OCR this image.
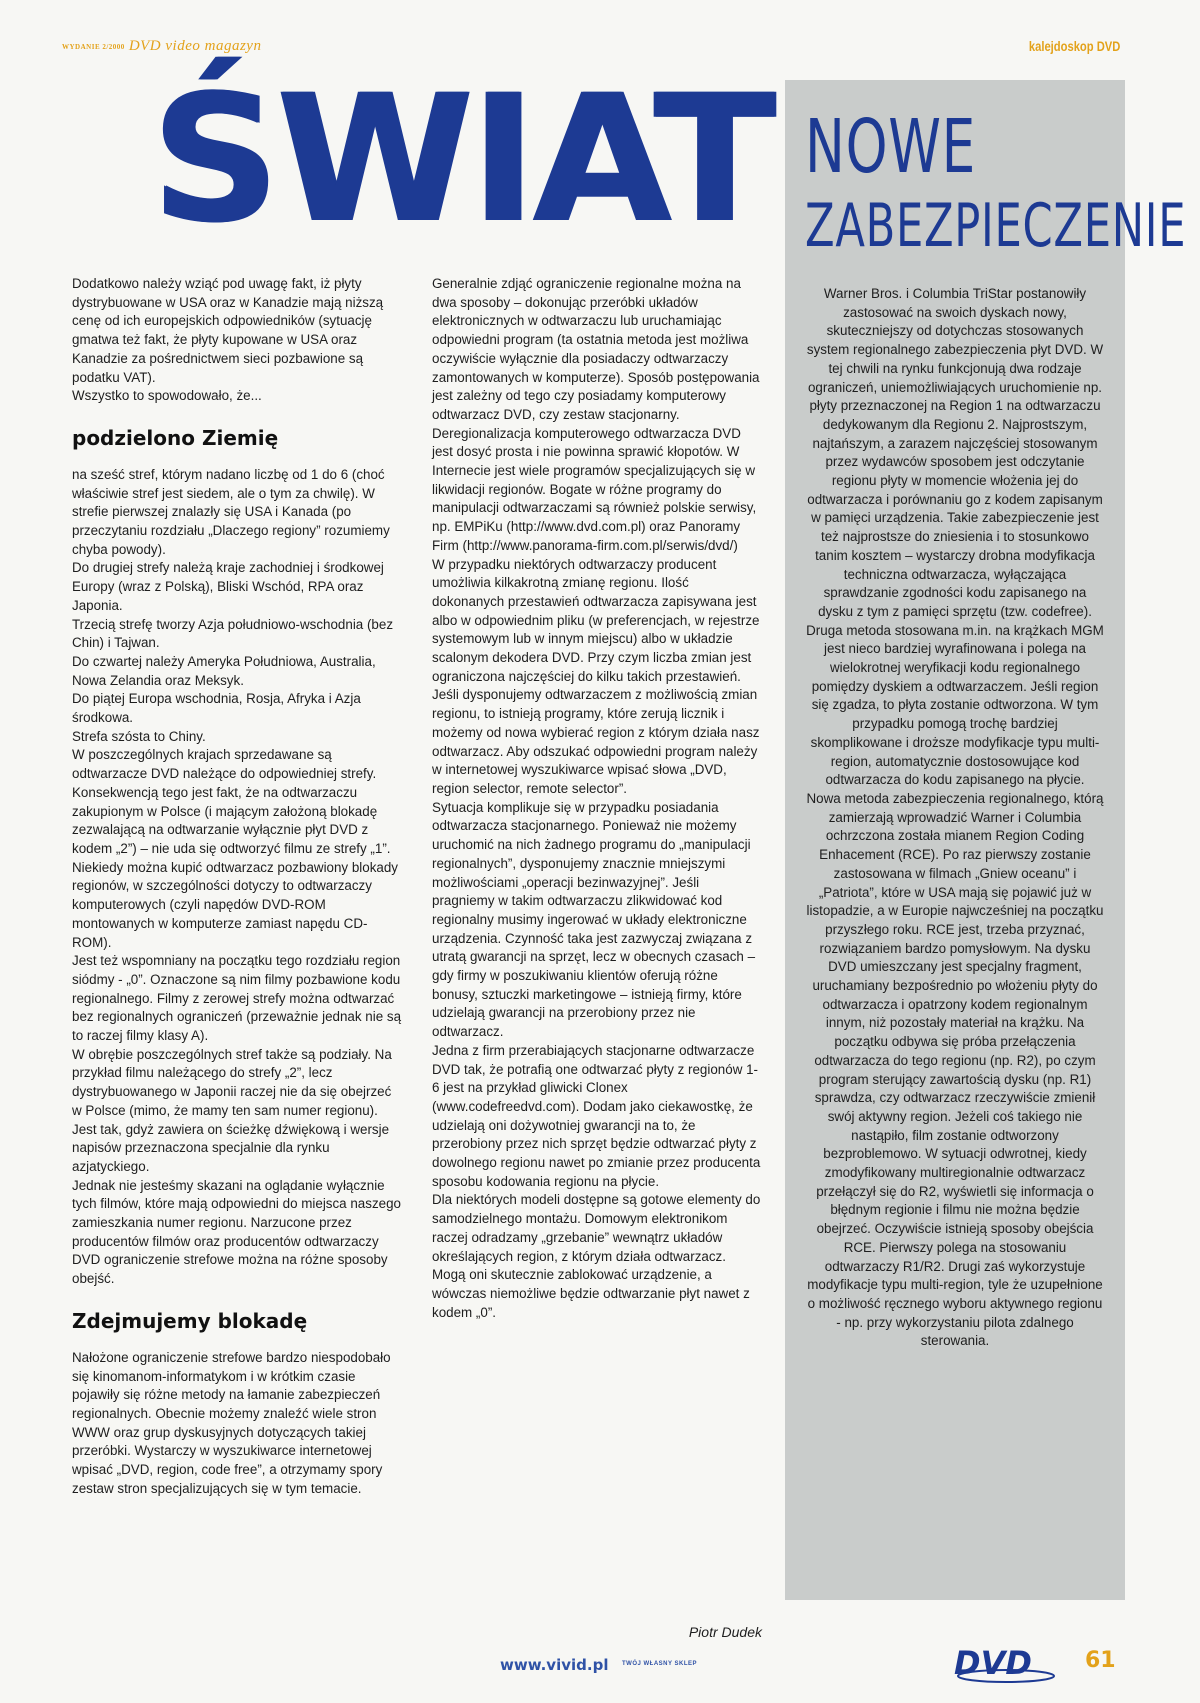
WYDANIE 2/2000 DVD video magazyn	kalejdoskop DVD
ŚWIAT NOWE
ZABEZPIECZENIE

Dodatkowo należy wziąć pod uwagę fakt, iż płyty dystrybuowane w USA oraz w Kanadzie mają niższą cenę od ich europejskich odpowiedników (sytuację gmatwa też fakt, że płyty kupowane w USA oraz Kanadzie za pośrednictwem sieci pozbawione są podatku VAT).

Wszystko to spowodowało, że...

podzielono Ziemię

na sześć stref, którym nadano liczbę od 1 do 6 (choć właściwie stref jest siedem, ale o tym za chwilę). W strefie pierwszej znalazły się USA i Kanada (po przeczytaniu rozdziału „Dlaczego regiony” rozumiemy chyba powody).

Do drugiej strefy należą kraje zachodniej i środkowej Europy (wraz z Polską), Bliski Wschód, RPA oraz Japonia.

Trzecią strefę tworzy Azja południowo-wschodnia (bez Chin) i Tajwan.

Do czwartej należy Ameryka Południowa, Australia, Nowa Zelandia oraz Meksyk.

Do piątej Europa wschodnia, Rosja, Afryka i Azja środkowa.

Strefa szósta to Chiny.

W poszczególnych krajach sprzedawane są odtwarzacze DVD należące do odpowiedniej strefy. Konsekwencją tego jest fakt, że na odtwarzaczu zakupionym w Polsce (i mającym założoną blokadę zezwalającą na odtwarzanie wyłącznie płyt DVD z kodem „2”) – nie uda się odtworzyć filmu ze strefy „1”.

Niekiedy można kupić odtwarzacz pozbawiony blokady regionów, w szczególności dotyczy to odtwarzaczy komputerowych (czyli napędów DVD-ROM montowanych w komputerze zamiast napędu CD-ROM).

Jest też wspomniany na początku tego rozdziału region siódmy - „0”. Oznaczone są nim filmy pozbawione kodu regionalnego. Filmy z zerowej strefy można odtwarzać bez regionalnych ograniczeń (przeważnie jednak nie są to raczej filmy klasy A).

W obrębie poszczególnych stref także są podziały. Na przykład filmu należącego do strefy „2”, lecz dystrybuowanego w Japonii raczej nie da się obejrzeć w Polsce (mimo, że mamy ten sam numer regionu). Jest tak, gdyż zawiera on ścieżkę dźwiękową i wersje napisów przeznaczona specjalnie dla rynku azjatyckiego.

Jednak nie jesteśmy skazani na oglądanie wyłącznie tych filmów, które mają odpowiedni do miejsca naszego zamieszkania numer regionu. Narzucone przez producentów filmów oraz producentów odtwarzaczy DVD ograniczenie strefowe można na różne sposoby obejść.

Zdejmujemy blokadę

Nałożone ograniczenie strefowe bardzo niespodobało się kinomanom-informatykom i w krótkim czasie pojawiły się różne metody na łamanie zabezpieczeń regionalnych. Obecnie możemy znaleźć wiele stron WWW oraz grup dyskusyjnych dotyczących takiej przeróbki. Wystarczy w wyszukiwarce internetowej wpisać „DVD, region, code free”, a otrzymamy spory zestaw stron specjalizujących się w tym temacie.

Generalnie zdjąć ograniczenie regionalne można na dwa sposoby – dokonując przeróbki układów elektronicznych w odtwarzaczu lub uruchamiając odpowiedni program (ta ostatnia metoda jest możliwa oczywiście wyłącznie dla posiadaczy odtwarzaczy zamontowanych w komputerze). Sposób postępowania jest zależny od tego czy posiadamy komputerowy odtwarzacz DVD, czy zestaw stacjonarny.

Deregionalizacja komputerowego odtwarzacza DVD jest dosyć prosta i nie powinna sprawić kłopotów. W Internecie jest wiele programów specjalizujących się w likwidacji regionów. Bogate w różne programy do manipulacji odtwarzaczami są również polskie serwisy, np. EMPiKu (http://www.dvd.com.pl) oraz Panoramy Firm (http://www.panorama-firm.com.pl/serwis/dvd/)

W przypadku niektórych odtwarzaczy producent umożliwia kilkakrotną zmianę regionu. Ilość dokonanych przestawień odtwarzacza zapisywana jest albo w odpowiednim pliku (w preferencjach, w rejestrze systemowym lub w innym miejscu) albo w układzie scalonym dekodera DVD. Przy czym liczba zmian jest ograniczona najczęściej do kilku takich przestawień. Jeśli dysponujemy odtwarzaczem z możliwością zmian regionu, to istnieją programy, które zerują licznik i możemy od nowa wybierać region z którym działa nasz odtwarzacz. Aby odszukać odpowiedni program należy w internetowej wyszukiwarce wpisać słowa „DVD, region selector, remote selector”.

Sytuacja komplikuje się w przypadku posiadania odtwarzacza stacjonarnego. Ponieważ nie możemy uruchomić na nich żadnego programu do „manipulacji regionalnych”, dysponujemy znacznie mniejszymi możliwościami „operacji bezinwazyjnej”. Jeśli pragniemy w takim odtwarzaczu zlikwidować kod regionalny musimy ingerować w układy elektroniczne urządzenia. Czynność taka jest zazwyczaj związana z utratą gwarancji na sprzęt, lecz w obecnych czasach – gdy firmy w poszukiwaniu klientów oferują różne bonusy, sztuczki marketingowe – istnieją firmy, które udzielają gwarancji na przerobiony przez nie odtwarzacz.

Jedna z firm przerabiających stacjonarne odtwarzacze DVD tak, że potrafią one odtwarzać płyty z regionów 1-6 jest na przykład gliwicki Clonex (www.codefreedvd.com). Dodam jako ciekawostkę, że udzielają oni dożywotniej gwarancji na to, że przerobiony przez nich sprzęt będzie odtwarzać płyty z dowolnego regionu nawet po zmianie przez producenta sposobu kodowania regionu na płycie.

Dla niektórych modeli dostępne są gotowe elementy do samodzielnego montażu. Domowym elektronikom raczej odradzamy „grzebanie” wewnątrz układów określających region, z którym działa odtwarzacz. Mogą oni skutecznie zablokować urządzenie, a wówczas niemożliwe będzie odtwarzanie płyt nawet z kodem „0”.

Warner Bros. i Columbia TriStar postanowiły zastosować na swoich dyskach nowy, skuteczniejszy od dotychczas stosowanych system regionalnego zabezpieczenia płyt DVD. W tej chwili na rynku funkcjonują dwa rodzaje ograniczeń, uniemożliwiających uruchomienie np. płyty przeznaczonej na Region 1 na odtwarzaczu dedykowanym dla Regionu 2. Najprostszym, najtańszym, a zarazem najczęściej stosowanym przez wydawców sposobem jest odczytanie regionu płyty w momencie włożenia jej do odtwarzacza i porównaniu go z kodem zapisanym w pamięci urządzenia. Takie zabezpieczenie jest też najprostsze do zniesienia i to stosunkowo tanim kosztem – wystarczy drobna modyfikacja techniczna odtwarzacza, wyłączająca sprawdzanie zgodności kodu zapisanego na dysku z tym z pamięci sprzętu (tzw. codefree). Druga metoda stosowana m.in. na krążkach MGM jest nieco bardziej wyrafinowana i polega na wielokrotnej weryfikacji kodu regionalnego pomiędzy dyskiem a odtwarzaczem. Jeśli region się zgadza, to płyta zostanie odtworzona. W tym przypadku pomogą trochę bardziej skomplikowane i droższe modyfikacje typu multi-region, automatycznie dostosowujące kod odtwarzacza do kodu zapisanego na płycie.

Nowa metoda zabezpieczenia regionalnego, którą zamierzają wprowadzić Warner i Columbia ochrzczona została mianem Region Coding Enhacement (RCE). Po raz pierwszy zostanie zastosowana w filmach „Gniew oceanu” i „Patriota”, które w USA mają się pojawić już w listopadzie, a w Europie najwcześniej na początku przyszłego roku. RCE jest, trzeba przyznać, rozwiązaniem bardzo pomysłowym. Na dysku DVD umieszczany jest specjalny fragment, uruchamiany bezpośrednio po włożeniu płyty do odtwarzacza i opatrzony kodem regionalnym innym, niż pozostały materiał na krążku. Na początku odbywa się próba przełączenia odtwarzacza do tego regionu (np. R2), po czym program sterujący zawartością dysku (np. R1) sprawdza, czy odtwarzacz rzeczywiście zmienił swój aktywny region. Jeżeli coś takiego nie nastąpiło, film zostanie odtworzony bezproblemowo. W sytuacji odwrotnej, kiedy zmodyfikowany multiregionalnie odtwarzacz przełączył się do R2, wyświetli się informacja o błędnym regionie i filmu nie można będzie obejrzeć. Oczywiście istnieją sposoby obejścia RCE. Pierwszy polega na stosowaniu odtwarzaczy R1/R2. Drugi zaś wykorzystuje modyfikacje typu multi-region, tyle że uzupełnione o możliwość ręcznego wyboru aktywnego regionu - np. przy wykorzystaniu pilota zdalnego sterowania.

Piotr Dudek
www.vivid.pl TWÓJ WŁASNY SKLEP	DVD 61
